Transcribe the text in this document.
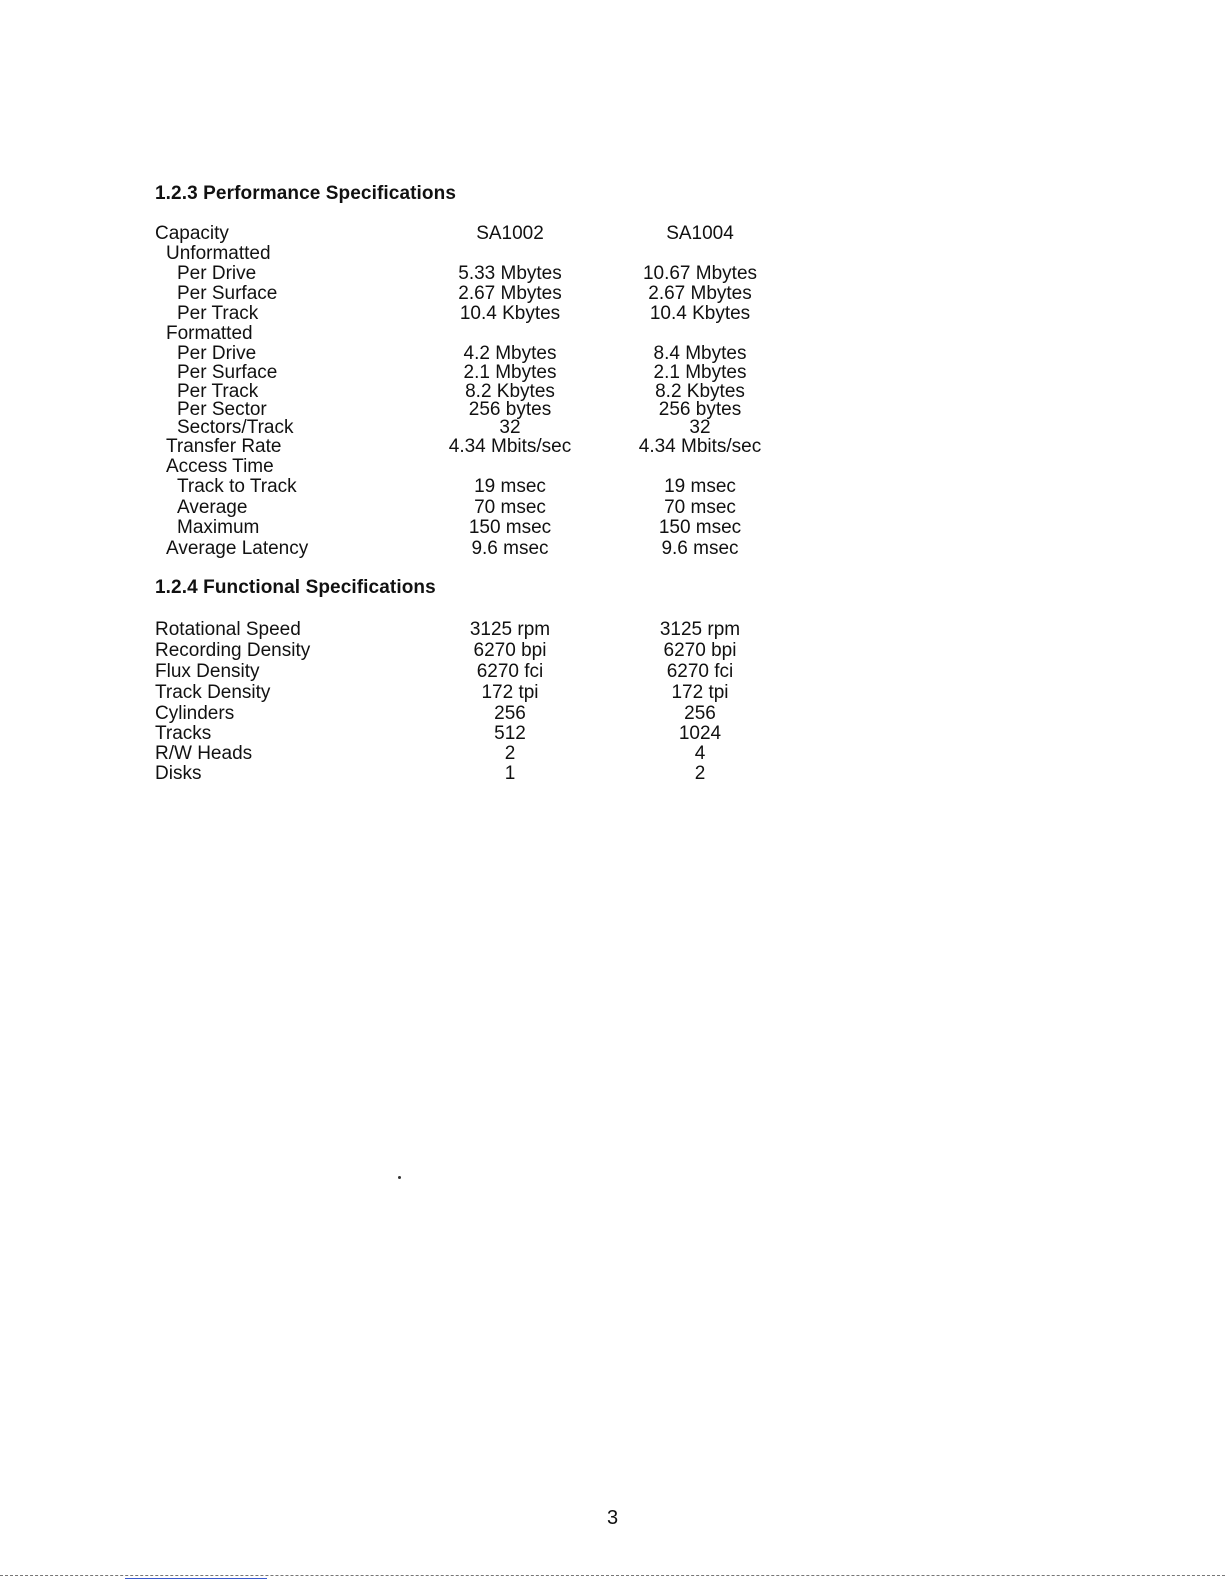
1.2.3 Performance Specifications
Capacity	SA1002	SA1004
Unformatted
Per Drive	5.33 Mbytes	10.67 Mbytes
Per Surface	2.67 Mbytes	2.67 Mbytes
Per Track	10.4 Kbytes	10.4 Kbytes
Formatted
Per Drive	4.2 Mbytes	8.4 Mbytes
Per Surface	2.1 Mbytes	2.1 Mbytes
Per Track	8.2 Kbytes	8.2 Kbytes
Per Sector	256 bytes	256 bytes
Sectors/Track	32	32
Transfer Rate	4.34 Mbits/sec	4.34 Mbits/sec
Access Time
Track to Track	19 msec	19 msec
Average	70 msec	70 msec
Maximum	150 msec	150 msec
Average Latency	9.6 msec	9.6 msec
1.2.4 Functional Specifications
Rotational Speed	3125 rpm	3125 rpm
Recording Density	6270 bpi	6270 bpi
Flux Density	6270 fci	6270 fci
Track Density	172 tpi	172 tpi
Cylinders	256	256
Tracks	512	1024
R/W Heads	2	4
Disks	1	2
3
